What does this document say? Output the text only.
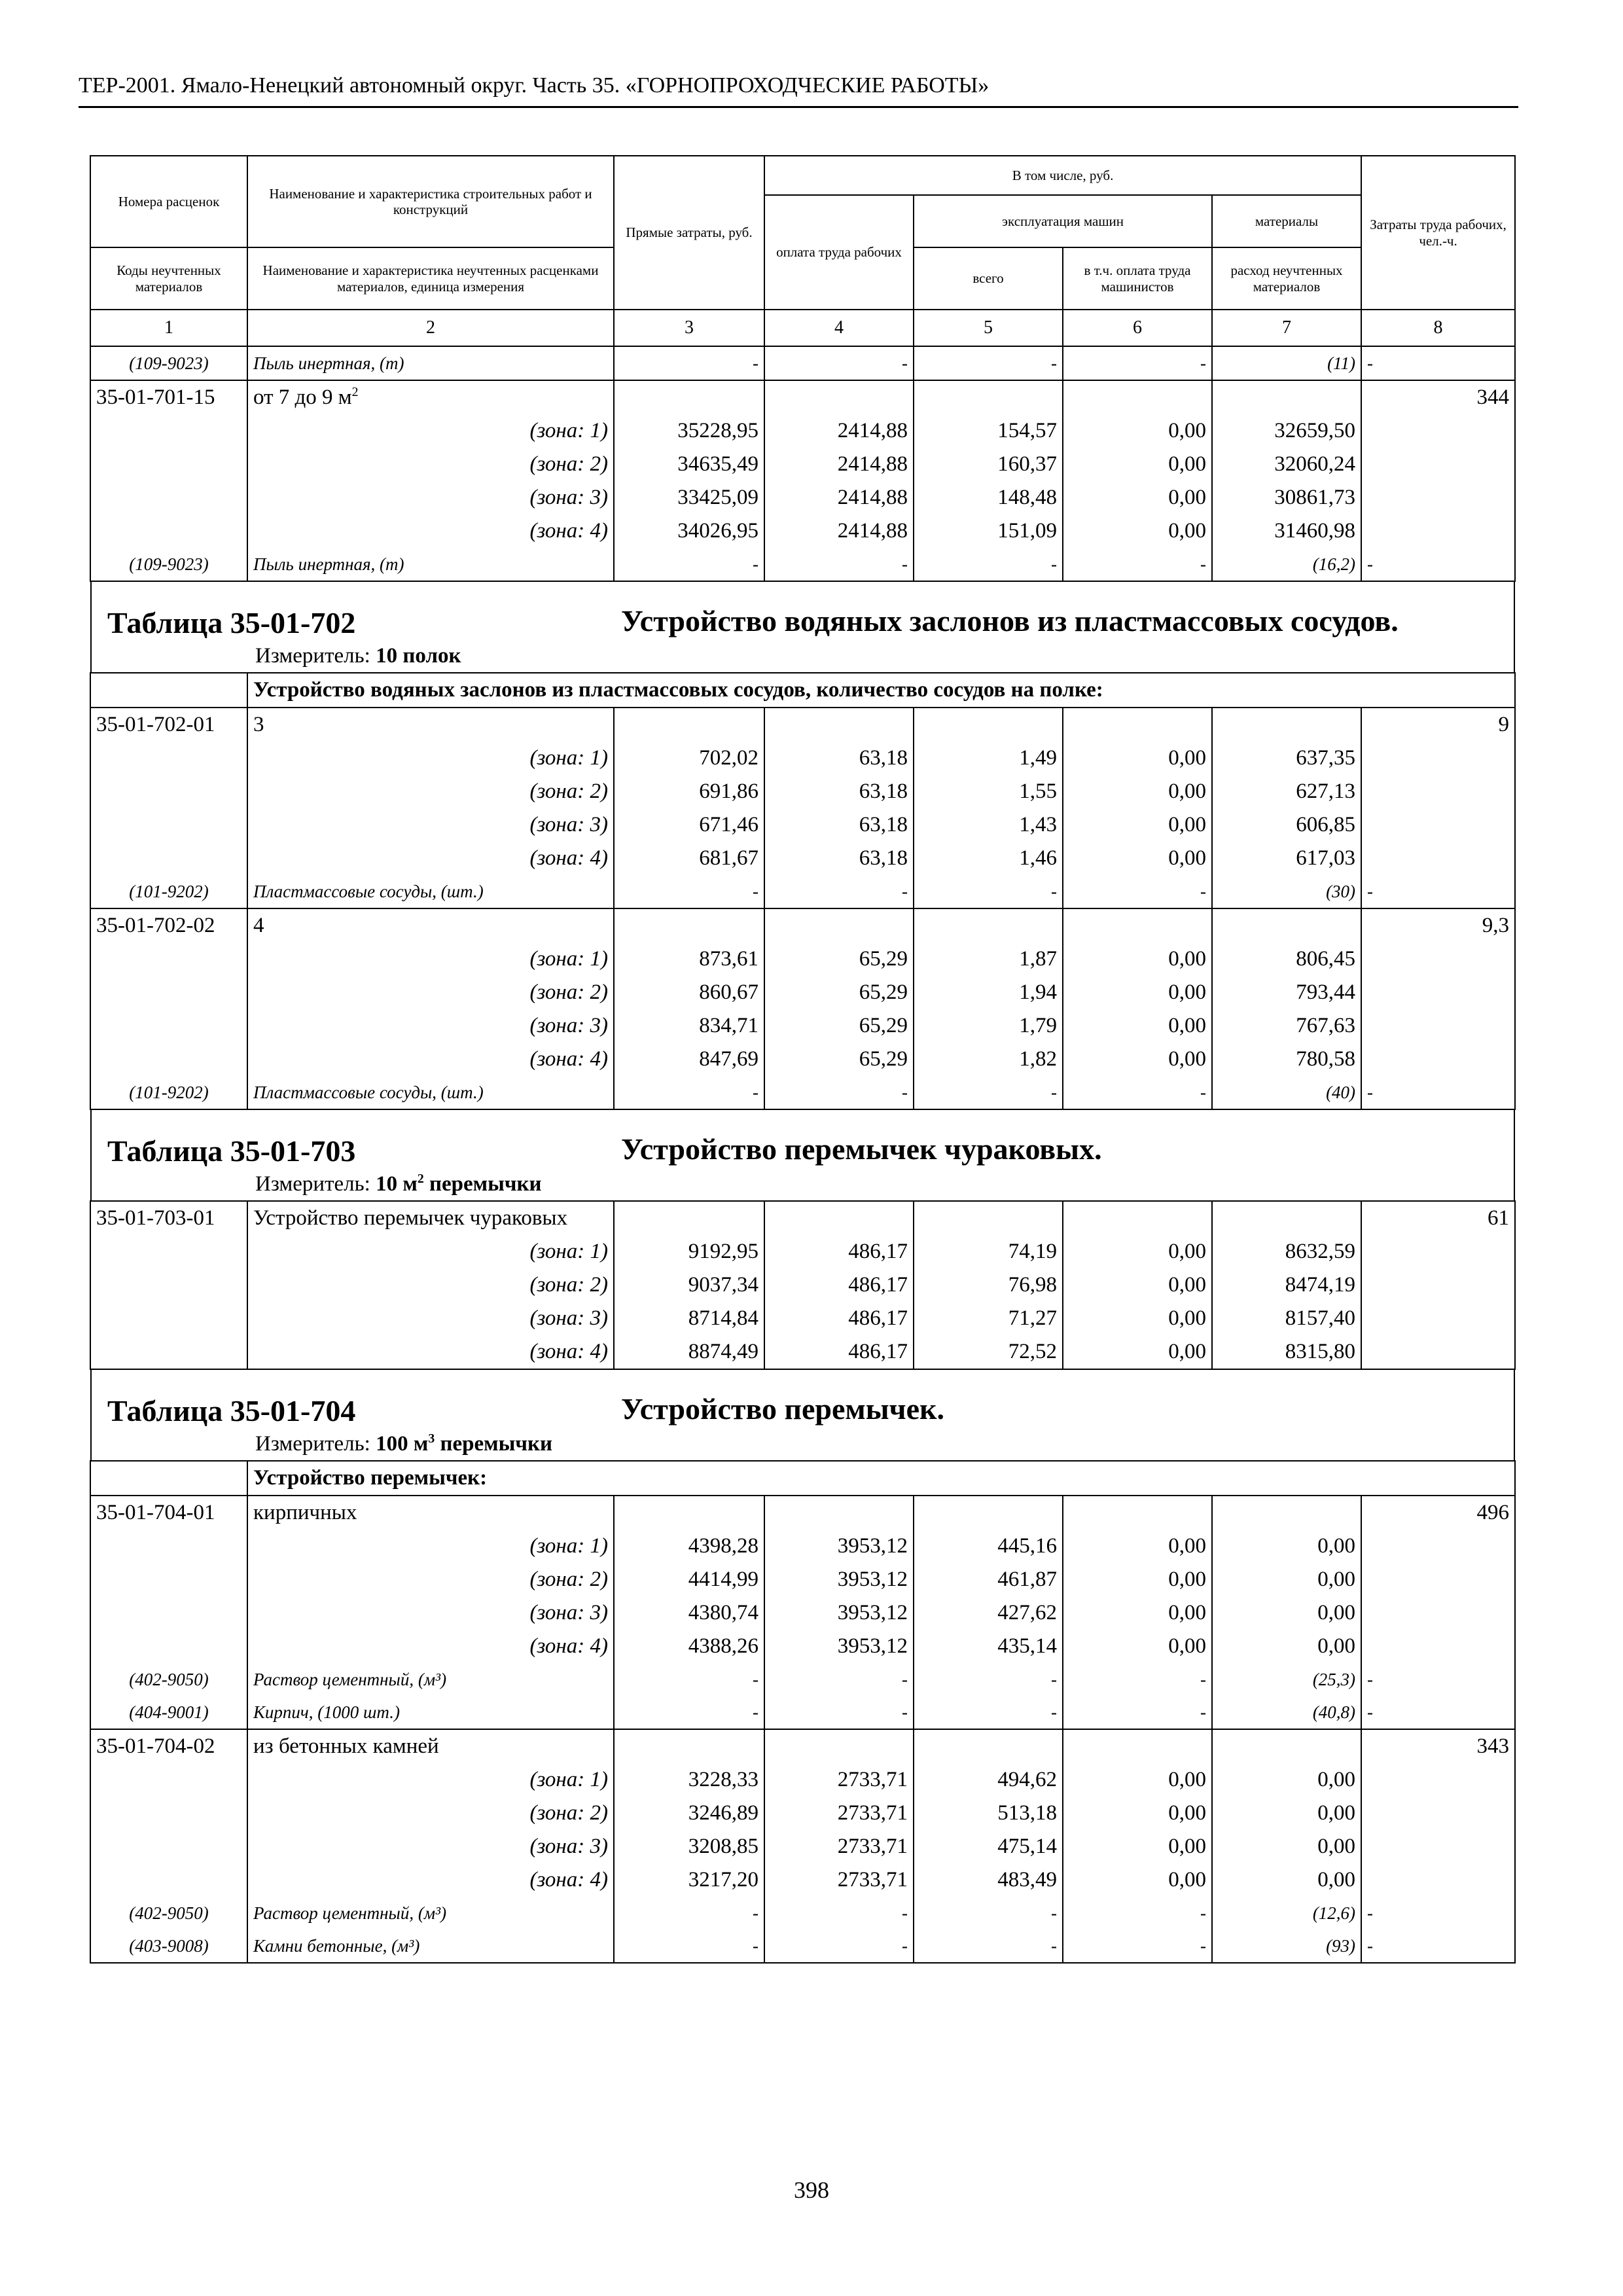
ТЕР-2001. Ямало-Ненецкий автономный округ. Часть 35. «ГОРНОПРОХОДЧЕСКИЕ РАБОТЫ»
Номера расценок	Наименование и характеристика строительных работ и конструкций	Прямые затраты, руб.	В том числе, руб.				Затраты труда рабочих, чел.-ч.
			оплата труда рабочих	эксплуатация машин		материалы	
Коды неучтенных материалов	Наименование и характеристика неучтенных расценками материалов, единица измерения			всего	в т.ч. оплата труда машинистов	расход неучтенных материалов	
1	2	3	4	5	6	7	8
(109-9023)	Пыль инертная, (т)	-	-	-	-	(11)	-
35-01-701-15	от 7 до 9 $м^2$						344
	(зона: 1)	35228,95	2414,88	154,57	0,00	32659,50	
	(зона: 2)	34635,49	2414,88	160,37	0,00	32060,24	
	(зона: 3)	33425,09	2414,88	148,48	0,00	30861,73	
	(зона: 4)	34026,95	2414,88	151,09	0,00	31460,98	
(109-9023)	Пыль инертная, (т)	-	-	-	-	(16,2)	-

Таблица 35-01-702 Устройство водяных заслонов из пластмассовых сосудов.
Измеритель: 10 полок							

	Устройство водяных заслонов из пластмассовых сосудов, количество сосудов на полке:						
35-01-702-01	3						9
	(зона: 1)	702,02	63,18	1,49	0,00	637,35	
	(зона: 2)	691,86	63,18	1,55	0,00	627,13	
	(зона: 3)	671,46	63,18	1,43	0,00	606,85	
	(зона: 4)	681,67	63,18	1,46	0,00	617,03	
(101-9202)	Пластмассовые сосуды, (шт.)	-	-	-	-	(30)	-
35-01-702-02	4						9,3
	(зона: 1)	873,61	65,29	1,87	0,00	806,45	
	(зона: 2)	860,67	65,29	1,94	0,00	793,44	
	(зона: 3)	834,71	65,29	1,79	0,00	767,63	
	(зона: 4)	847,69	65,29	1,82	0,00	780,58	
(101-9202)	Пластмассовые сосуды, (шт.)	-	-	-	-	(40)	-

Таблица 35-01-703 Устройство перемычек чураковых.
Измеритель: 10 $м^2$ перемычки							

35-01-703-01	Устройство перемычек чураковых						61
	(зона: 1)	9192,95	486,17	74,19	0,00	8632,59	
	(зона: 2)	9037,34	486,17	76,98	0,00	8474,19	
	(зона: 3)	8714,84	486,17	71,27	0,00	8157,40	
	(зона: 4)	8874,49	486,17	72,52	0,00	8315,80	

Таблица 35-01-704 Устройство перемычек.
Измеритель: 100 $м^3$ перемычки							

	Устройство перемычек:						
35-01-704-01	кирпичных						496
	(зона: 1)	4398,28	3953,12	445,16	0,00	0,00	
	(зона: 2)	4414,99	3953,12	461,87	0,00	0,00	
	(зона: 3)	4380,74	3953,12	427,62	0,00	0,00	
	(зона: 4)	4388,26	3953,12	435,14	0,00	0,00	
(402-9050)	Раствор цементный, (м³)	-	-	-	-	(25,3)	-
(404-9001)	Кирпич, (1000 шт.)	-	-	-	-	(40,8)	-
35-01-704-02	из бетонных камней						343
	(зона: 1)	3228,33	2733,71	494,62	0,00	0,00	
	(зона: 2)	3246,89	2733,71	513,18	0,00	0,00	
	(зона: 3)	3208,85	2733,71	475,14	0,00	0,00	
	(зона: 4)	3217,20	2733,71	483,49	0,00	0,00	
(402-9050)	Раствор цементный, (м³)	-	-	-	-	(12,6)	-
(403-9008)	Камни бетонные, (м³)	-	-	-	-	(93)	-
398
